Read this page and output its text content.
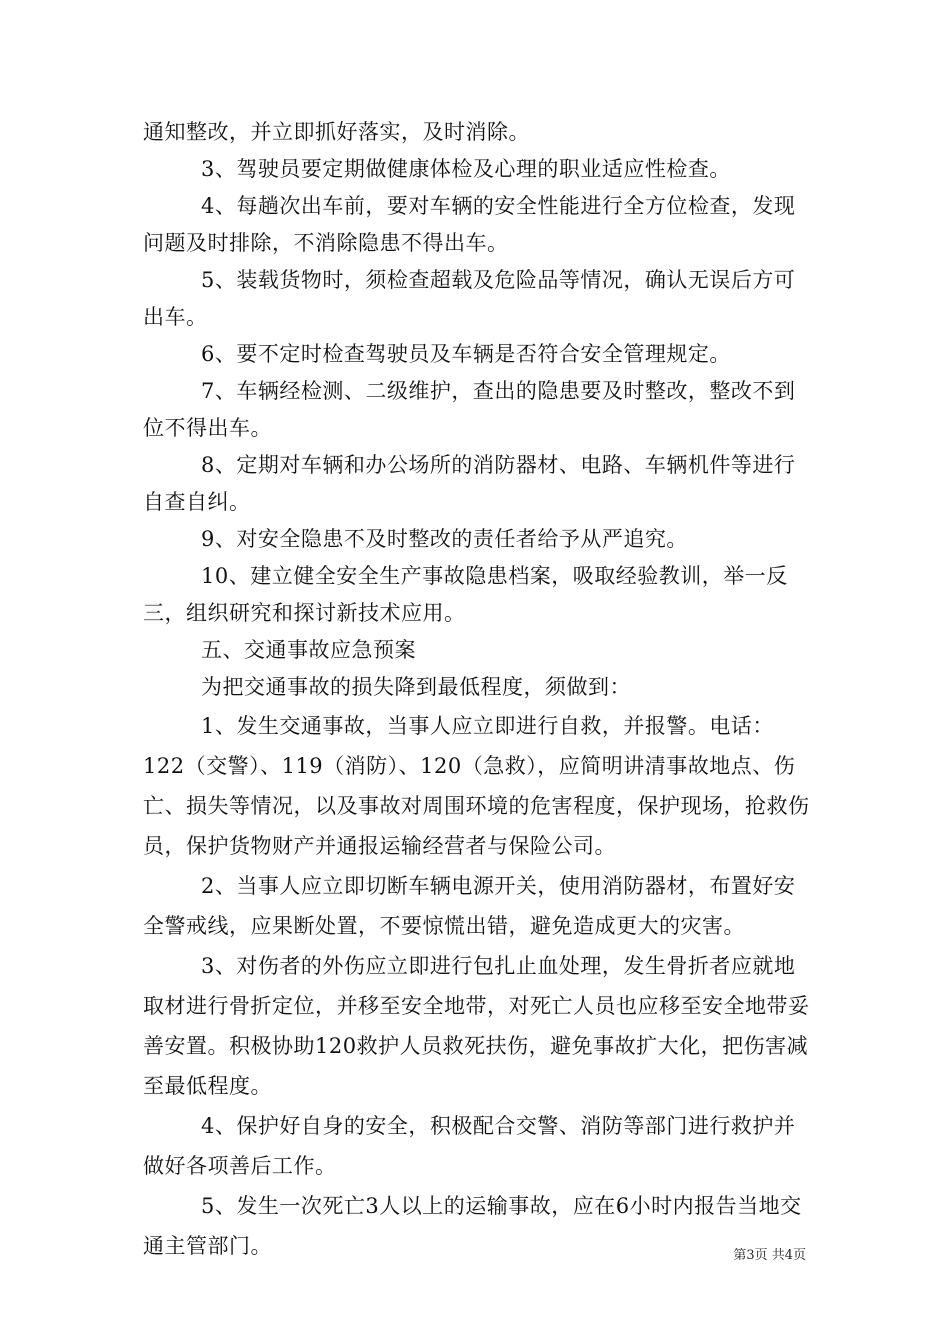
通知整改，并立即抓好落实，及时消除。

3、驾驶员要定期做健康体检及心理的职业适应性检查。

4、每趟次出车前，要对车辆的安全性能进行全方位检查，发现问题及时排除，不消除隐患不得出车。

5、装载货物时，须检查超载及危险品等情况，确认无误后方可出车。

6、要不定时检查驾驶员及车辆是否符合安全管理规定。

7、车辆经检测、二级维护，查出的隐患要及时整改，整改不到位不得出车。

8、定期对车辆和办公场所的消防器材、电路、车辆机件等进行自查自纠。

9、对安全隐患不及时整改的责任者给予从严追究。

10、建立健全安全生产事故隐患档案，吸取经验教训，举一反三，组织研究和探讨新技术应用。

五、交通事故应急预案

为把交通事故的损失降到最低程度，须做到：

1、发生交通事故，当事人应立即进行自救，并报警。电话：122（交警）、119（消防）、120（急救），应简明讲清事故地点、伤亡、损失等情况，以及事故对周围环境的危害程度，保护现场，抢救伤员，保护货物财产并通报运输经营者与保险公司。

2、当事人应立即切断车辆电源开关，使用消防器材，布置好安全警戒线，应果断处置，不要惊慌出错，避免造成更大的灾害。

3、对伤者的外伤应立即进行包扎止血处理，发生骨折者应就地取材进行骨折定位，并移至安全地带，对死亡人员也应移至安全地带妥善安置。积极协助120救护人员救死扶伤，避免事故扩大化，把伤害减至最低程度。

4、保护好自身的安全，积极配合交警、消防等部门进行救护并做好各项善后工作。

5、发生一次死亡3人以上的运输事故，应在6小时内报告当地交通主管部门。	第3页 共4页
